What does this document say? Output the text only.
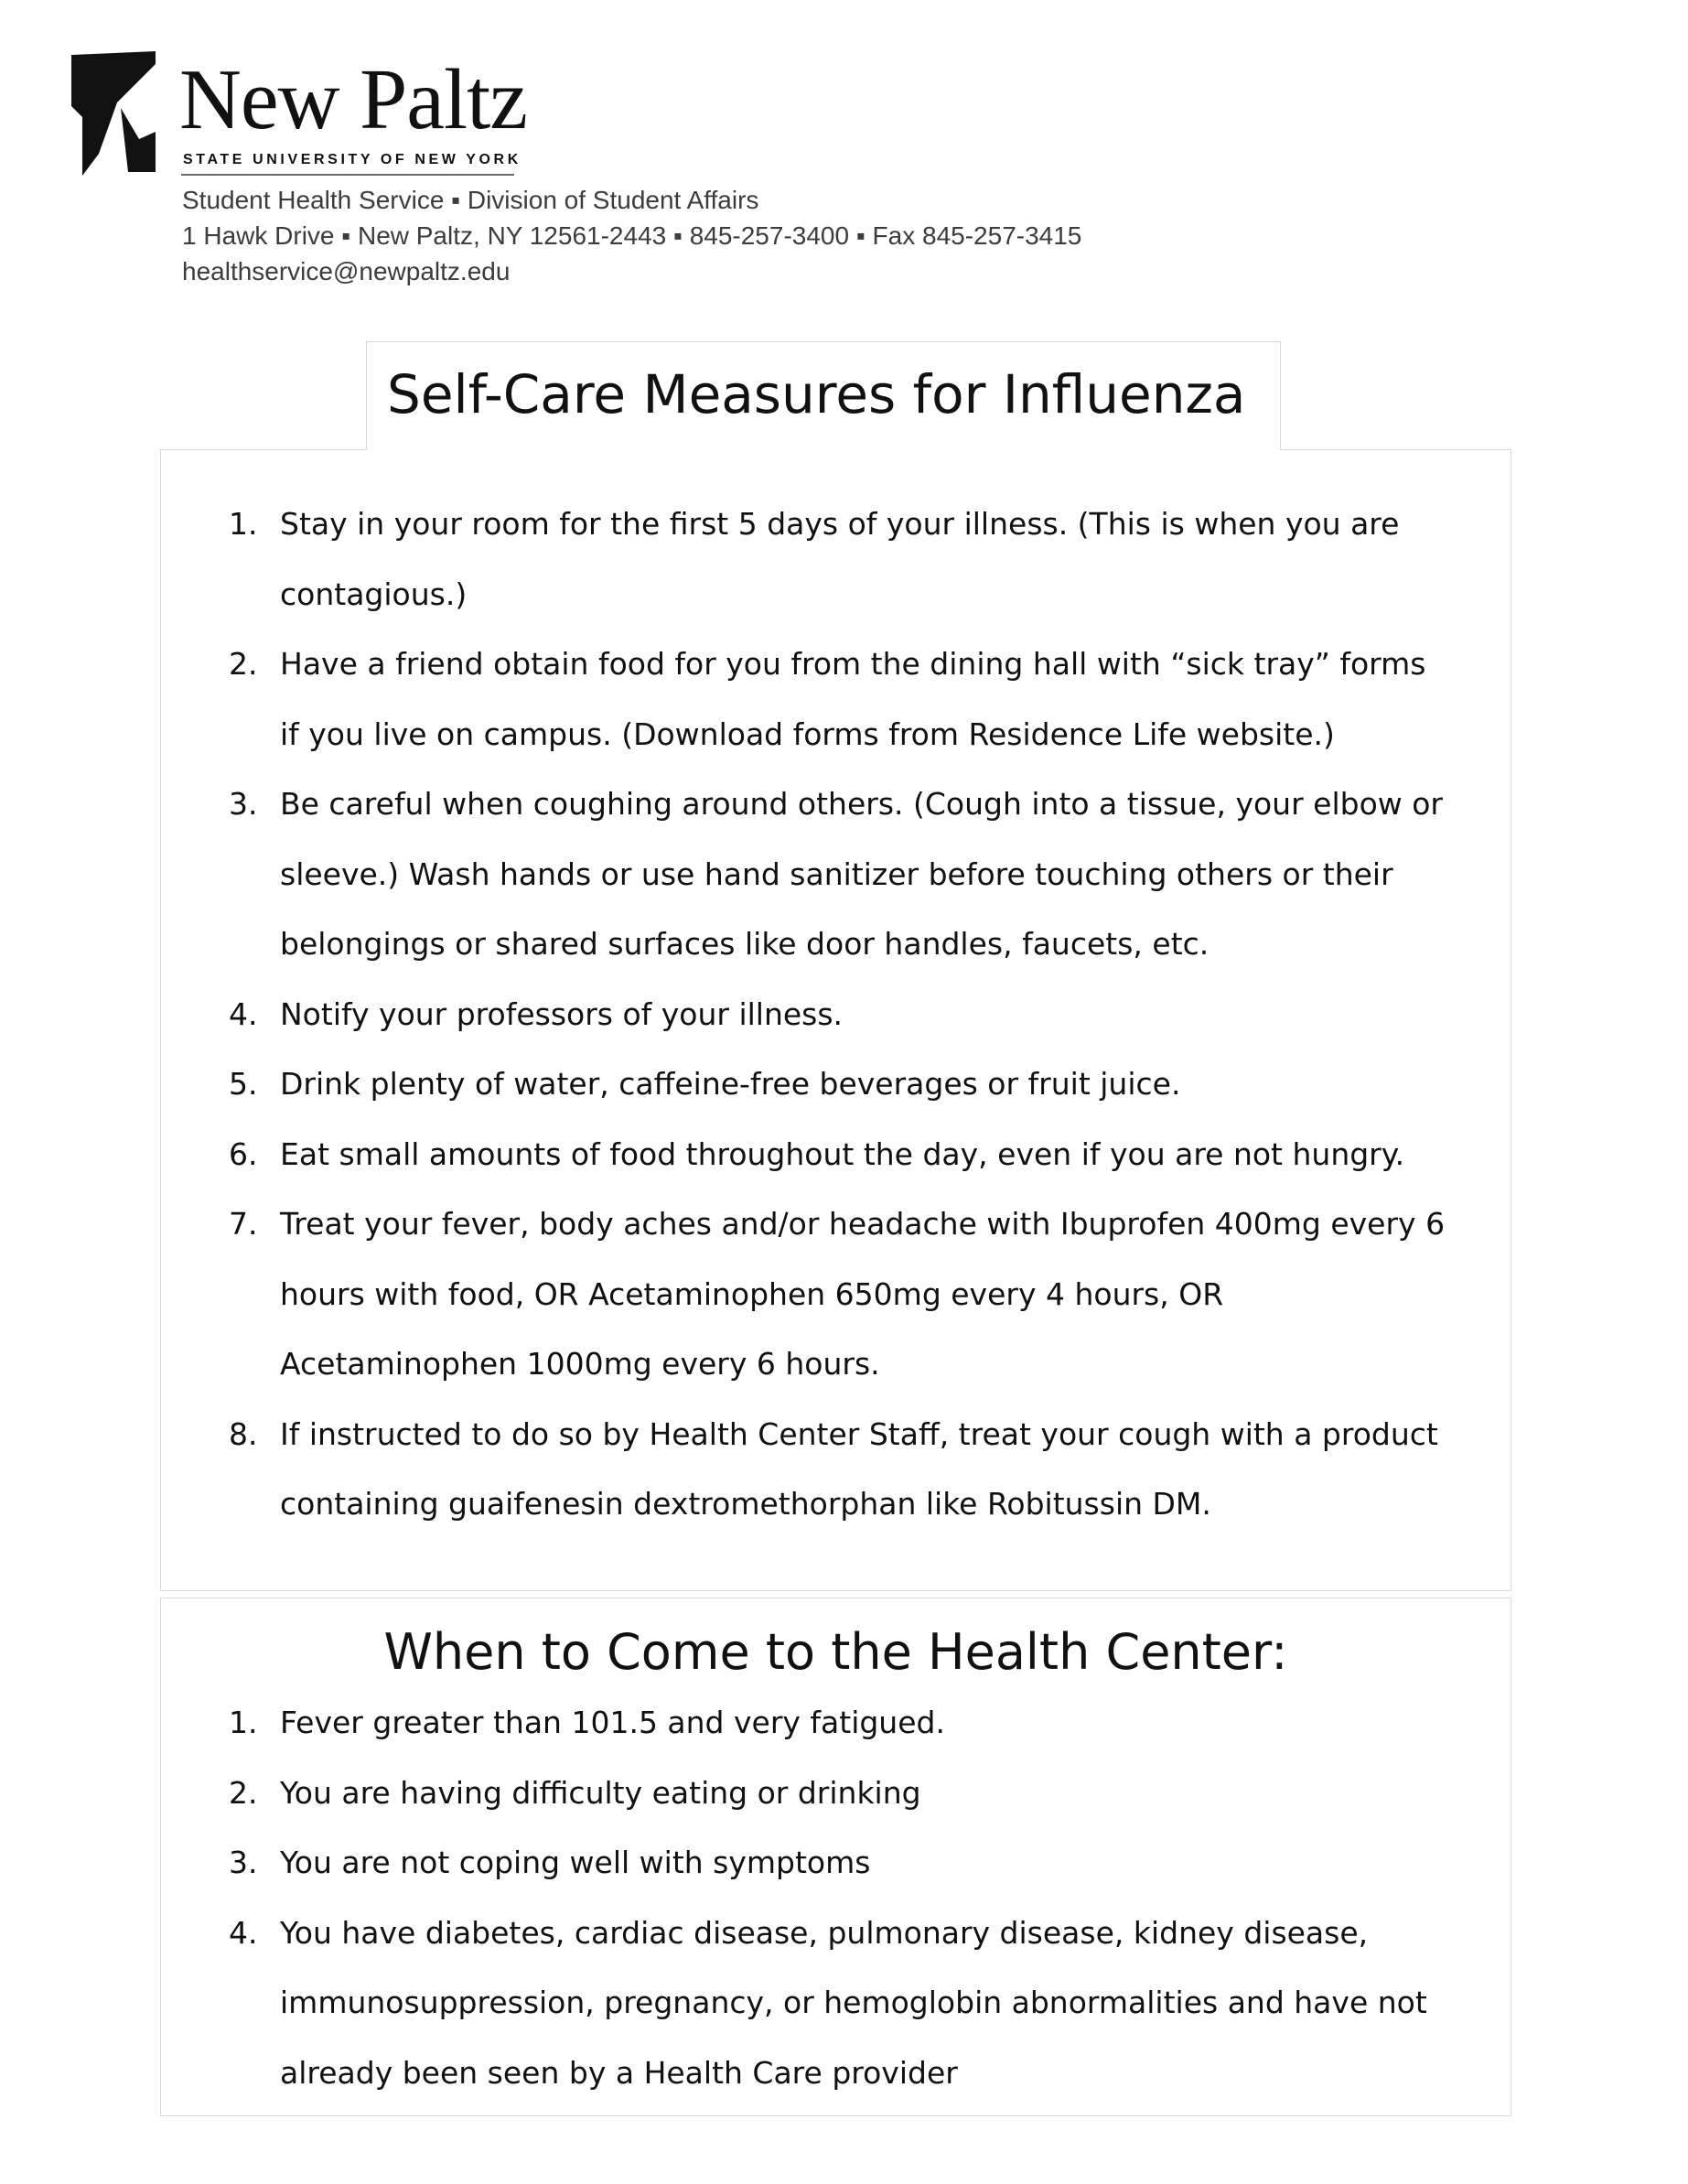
New Paltz
STATE UNIVERSITY OF NEW YORK
Student Health Service ▪ Division of Student Affairs
1 Hawk Drive ▪ New Paltz, NY 12561-2443 ▪ 845-257-3400 ▪ Fax 845-257-3415
healthservice@newpaltz.edu
Self-Care Measures for Influenza
1. Stay in your room for the first 5 days of your illness. (This is when you are
contagious.)
2. Have a friend obtain food for you from the dining hall with “sick tray” forms
if you live on campus. (Download forms from Residence Life website.)
3. Be careful when coughing around others. (Cough into a tissue, your elbow or
sleeve.) Wash hands or use hand sanitizer before touching others or their
belongings or shared surfaces like door handles, faucets, etc.
4. Notify your professors of your illness.
5. Drink plenty of water, caffeine-free beverages or fruit juice.
6. Eat small amounts of food throughout the day, even if you are not hungry.
7. Treat your fever, body aches and/or headache with Ibuprofen 400mg every 6
hours with food, OR Acetaminophen 650mg every 4 hours, OR
Acetaminophen 1000mg every 6 hours.
8. If instructed to do so by Health Center Staff, treat your cough with a product
containing guaifenesin dextromethorphan like Robitussin DM.
When to Come to the Health Center:
1. Fever greater than 101.5 and very fatigued.
2. You are having difficulty eating or drinking
3. You are not coping well with symptoms
4. You have diabetes, cardiac disease, pulmonary disease, kidney disease,
immunosuppression, pregnancy, or hemoglobin abnormalities and have not
already been seen by a Health Care provider
